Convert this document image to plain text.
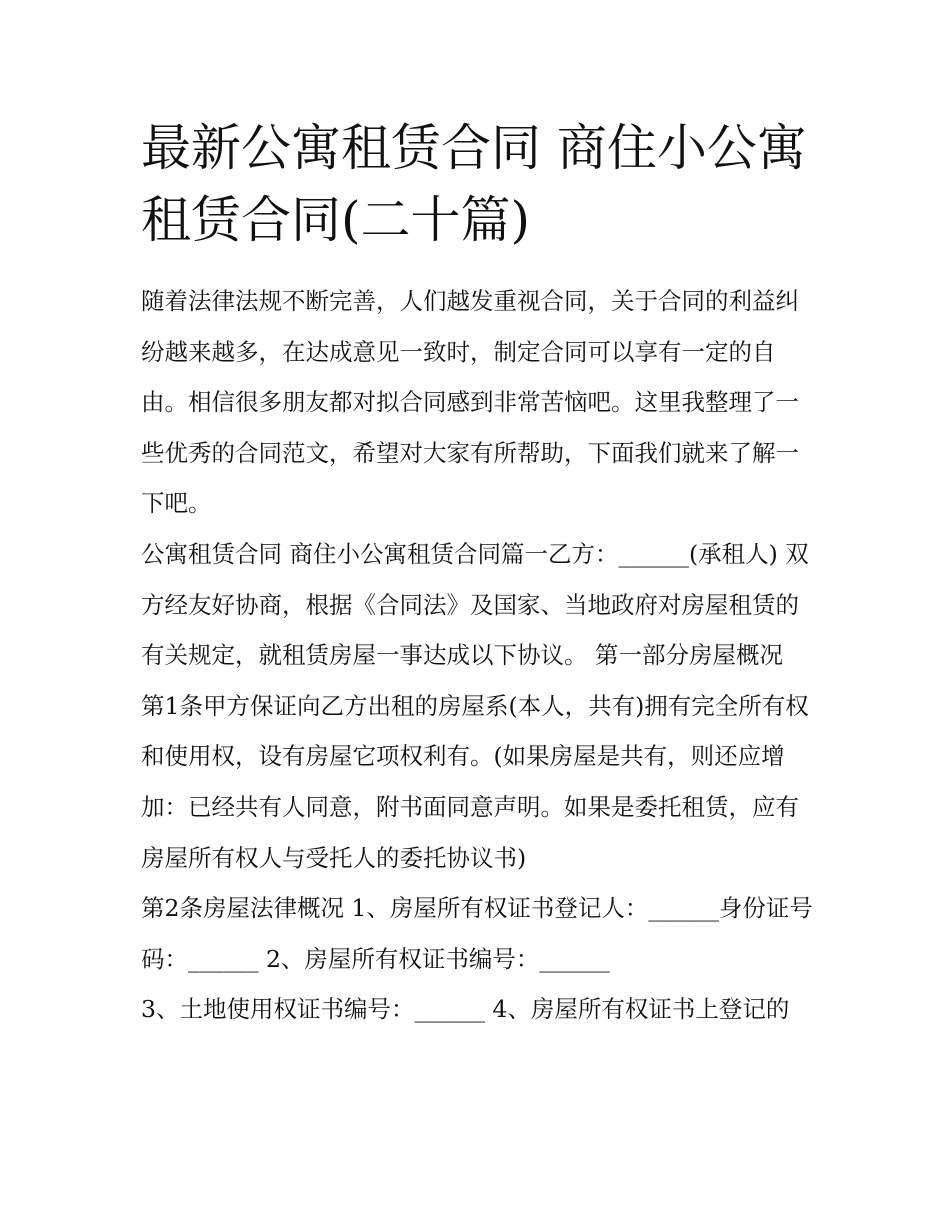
最新公寓租赁合同 商住小公寓租赁合同(二十篇)

随着法律法规不断完善，人们越发重视合同，关于合同的利益纠纷越来越多，在达成意见一致时，制定合同可以享有一定的自由。相信很多朋友都对拟合同感到非常苦恼吧。这里我整理了一些优秀的合同范文，希望对大家有所帮助，下面我们就来了解一下吧。

公寓租赁合同 商住小公寓租赁合同篇一乙方：______(承租人) 双方经友好协商，根据《合同法》及国家、当地政府对房屋租赁的有关规定，就租赁房屋一事达成以下协议。 第一部分房屋概况

第1条甲方保证向乙方出租的房屋系(本人，共有)拥有完全所有权和使用权，设有房屋它项权利有。(如果房屋是共有，则还应增加：已经共有人同意，附书面同意声明。如果是委托租赁，应有房屋所有权人与受托人的委托协议书)

第2条房屋法律概况 1、房屋所有权证书登记人：______身份证号码：______ 2、房屋所有权证书编号：______

3、土地使用权证书编号：______ 4、房屋所有权证书上登记的
